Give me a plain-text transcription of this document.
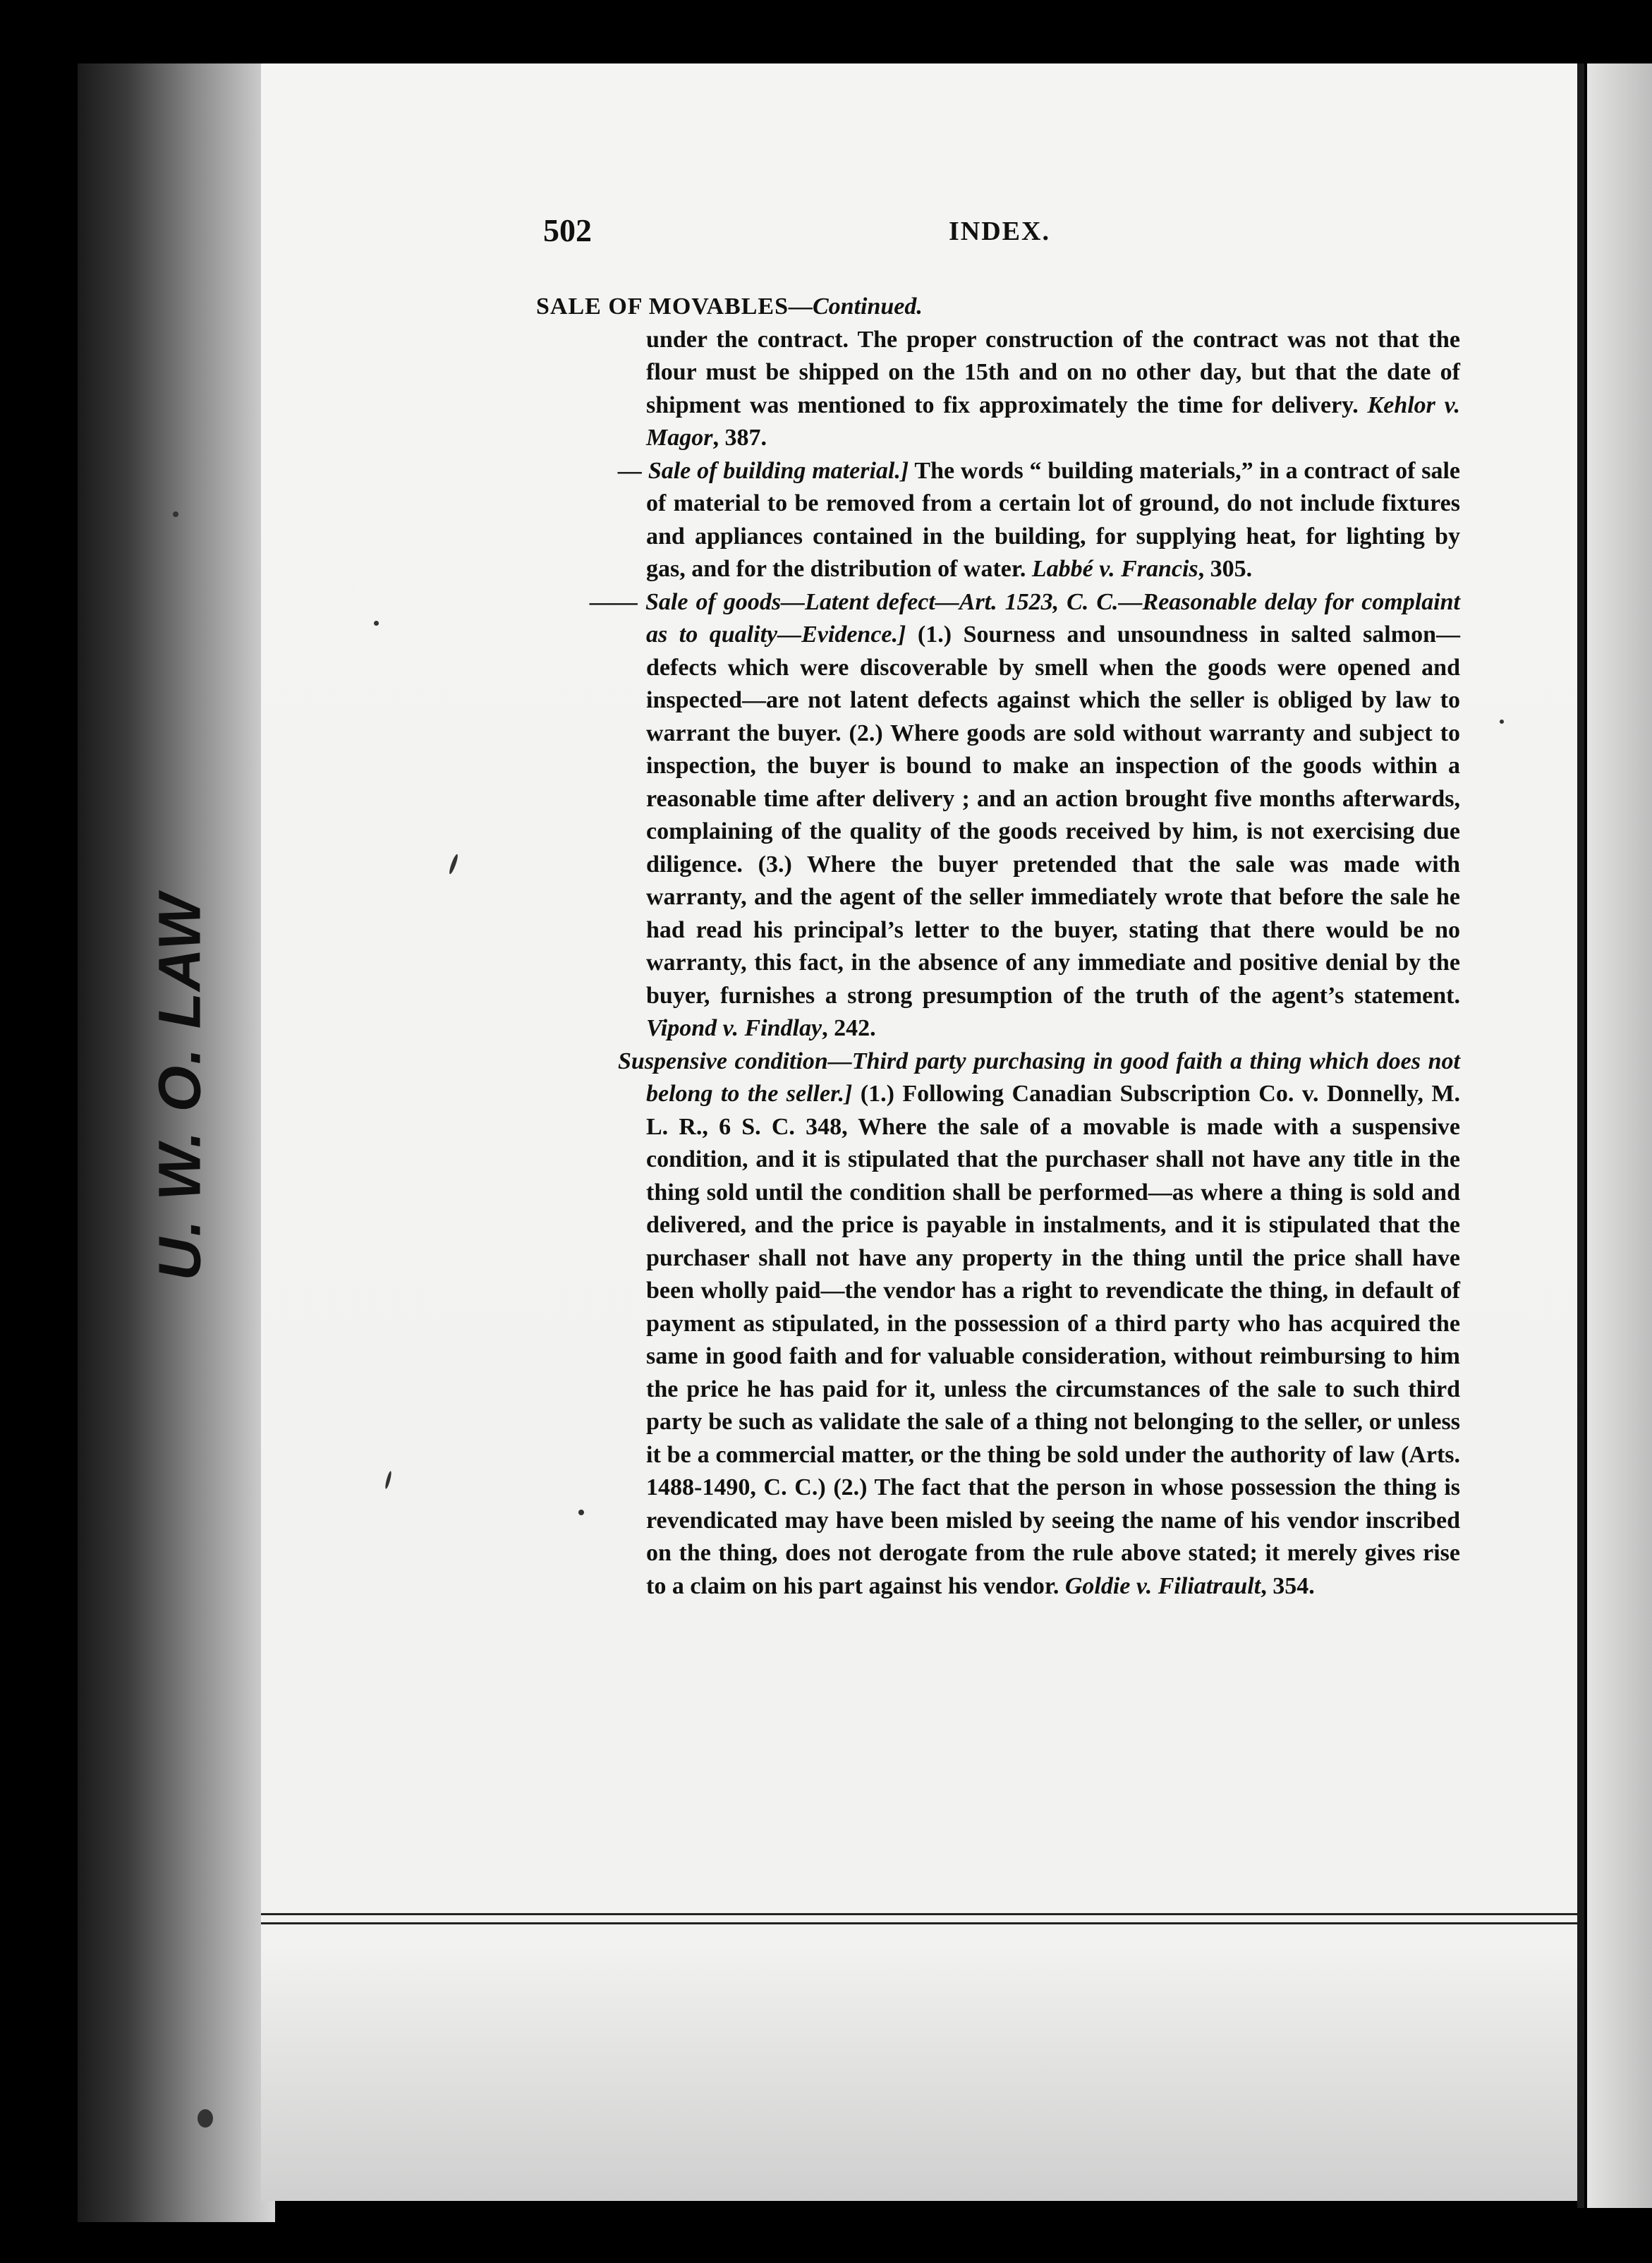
U. W. O. LAW
502	INDEX.
SALE OF MOVABLES—Continued.

under the contract. The proper construction of the contract was not that the flour must be shipped on the 15th and on no other day, but that the date of shipment was mentioned to fix approximately the time for delivery. Kehlor v. Magor, 387.

— Sale of building material.] The words “ building materials,” in a contract of sale of material to be removed from a certain lot of ground, do not include fixtures and appliances contained in the building, for supplying heat, for lighting by gas, and for the distribution of water. Labbé v. Francis, 305.

—— Sale of goods—Latent defect—Art. 1523, C. C.—Reasonable delay for complaint as to quality—Evidence.] (1.) Sourness and unsoundness in salted salmon—defects which were discoverable by smell when the goods were opened and inspected—are not latent defects against which the seller is obliged by law to warrant the buyer. (2.) Where goods are sold without warranty and subject to inspection, the buyer is bound to make an inspection of the goods within a reasonable time after delivery ; and an action brought five months afterwards, complaining of the quality of the goods received by him, is not exercising due diligence. (3.) Where the buyer pretended that the sale was made with warranty, and the agent of the seller immediately wrote that before the sale he had read his principal’s letter to the buyer, stating that there would be no warranty, this fact, in the absence of any immediate and positive denial by the buyer, furnishes a strong presumption of the truth of the agent’s statement. Vipond v. Findlay, 242.

Suspensive condition—Third party purchasing in good faith a thing which does not belong to the seller.] (1.) Following Canadian Subscription Co. v. Donnelly, M. L. R., 6 S. C. 348, Where the sale of a movable is made with a suspensive condition, and it is stipulated that the purchaser shall not have any title in the thing sold until the condition shall be performed—as where a thing is sold and delivered, and the price is payable in instalments, and it is stipulated that the purchaser shall not have any property in the thing until the price shall have been wholly paid—the vendor has a right to revendicate the thing, in default of payment as stipulated, in the possession of a third party who has acquired the same in good faith and for valuable consideration, without reimbursing to him the price he has paid for it, unless the circumstances of the sale to such third party be such as validate the sale of a thing not belonging to the seller, or unless it be a commercial matter, or the thing be sold under the authority of law (Arts. 1488-1490, C. C.) (2.) The fact that the person in whose possession the thing is revendicated may have been misled by seeing the name of his vendor inscribed on the thing, does not derogate from the rule above stated; it merely gives rise to a claim on his part against his vendor. Goldie v. Filiatrault, 354.
